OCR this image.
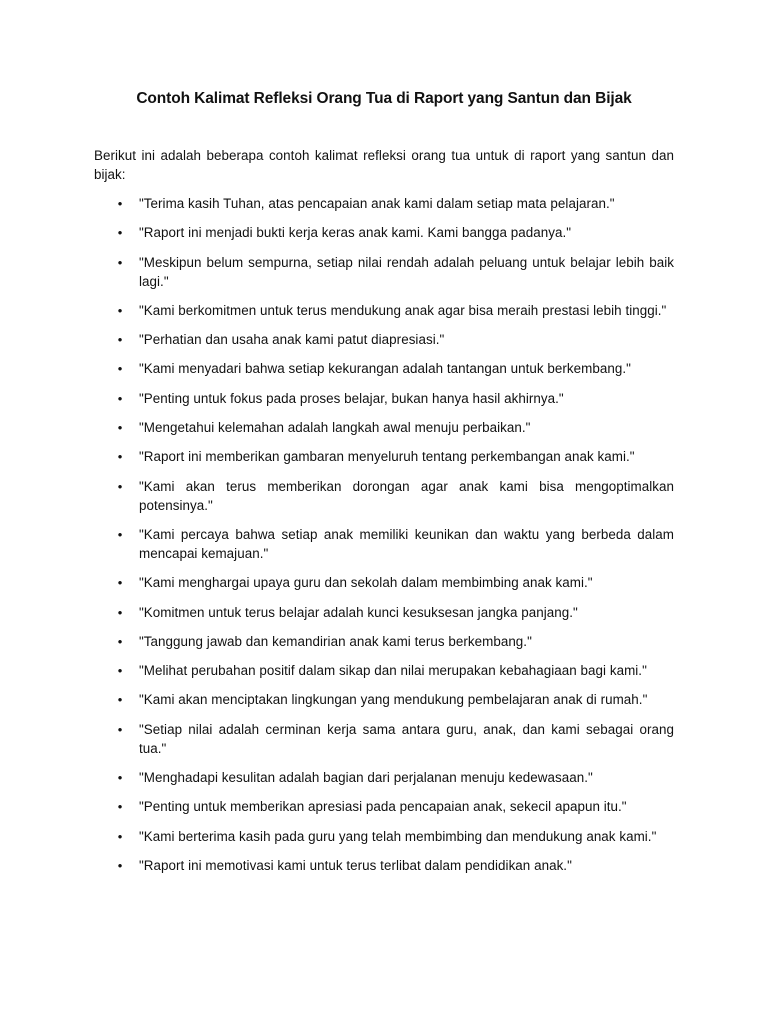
Contoh Kalimat Refleksi Orang Tua di Raport yang Santun dan Bijak

Berikut ini adalah beberapa contoh kalimat refleksi orang tua untuk di raport yang santun dan bijak:

• "Terima kasih Tuhan, atas pencapaian anak kami dalam setiap mata pelajaran."
• "Raport ini menjadi bukti kerja keras anak kami. Kami bangga padanya."
• "Meskipun belum sempurna, setiap nilai rendah adalah peluang untuk belajar lebih baik lagi."
• "Kami berkomitmen untuk terus mendukung anak agar bisa meraih prestasi lebih tinggi."
• "Perhatian dan usaha anak kami patut diapresiasi."
• "Kami menyadari bahwa setiap kekurangan adalah tantangan untuk berkembang."
• "Penting untuk fokus pada proses belajar, bukan hanya hasil akhirnya."
• "Mengetahui kelemahan adalah langkah awal menuju perbaikan."
• "Raport ini memberikan gambaran menyeluruh tentang perkembangan anak kami."
• "Kami akan terus memberikan dorongan agar anak kami bisa mengoptimalkan potensinya."
• "Kami percaya bahwa setiap anak memiliki keunikan dan waktu yang berbeda dalam mencapai kemajuan."
• "Kami menghargai upaya guru dan sekolah dalam membimbing anak kami."
• "Komitmen untuk terus belajar adalah kunci kesuksesan jangka panjang."
• "Tanggung jawab dan kemandirian anak kami terus berkembang."
• "Melihat perubahan positif dalam sikap dan nilai merupakan kebahagiaan bagi kami."
• "Kami akan menciptakan lingkungan yang mendukung pembelajaran anak di rumah."
• "Setiap nilai adalah cerminan kerja sama antara guru, anak, dan kami sebagai orang tua."
• "Menghadapi kesulitan adalah bagian dari perjalanan menuju kedewasaan."
• "Penting untuk memberikan apresiasi pada pencapaian anak, sekecil apapun itu."
• "Kami berterima kasih pada guru yang telah membimbing dan mendukung anak kami."
• "Raport ini memotivasi kami untuk terus terlibat dalam pendidikan anak."
